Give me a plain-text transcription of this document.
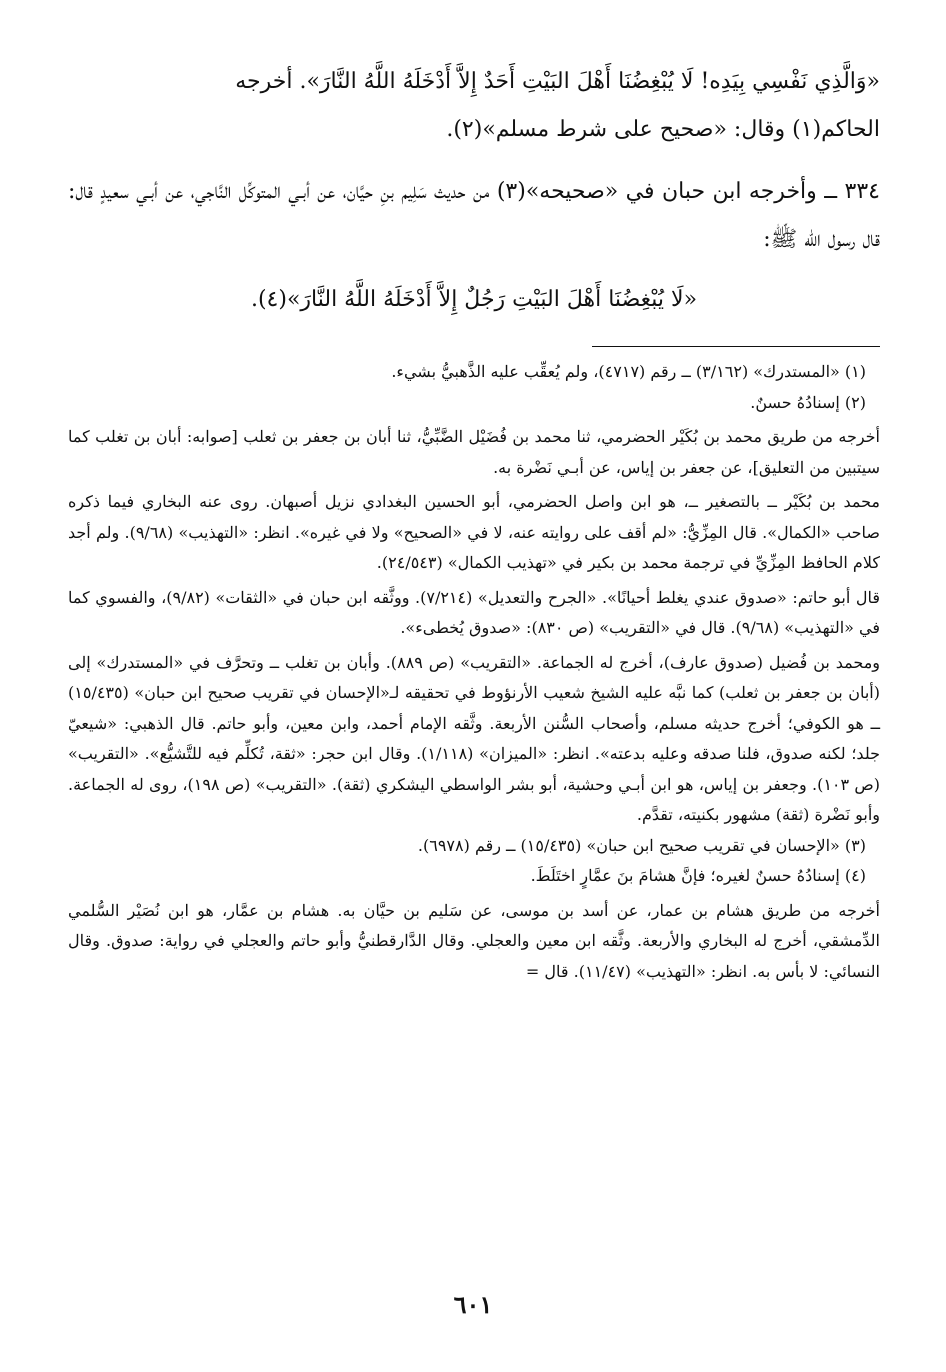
«وَالَّذِي نَفْسِي بِيَدِه! لَا يُبْغِضُنَا أَهْلَ البَيْتِ أَحَدٌ إِلاَّ أَدْخَلَهُ اللَّهُ النَّارَ». أخرجه

الحاكم(١) وقال: «صحيح على شرط مسلم»(٢).

٣٣٤ ــ وأخرجه ابن حبان في «صحيحه»(٣) من حديث سَلِيم بنِ حيَّان، عن أبـي المتوكِّل النَّاجي، عن أبـي سعيدٍ قال: قال رسول الله ﷺ:

«لَا يُبْغِضُنَا أَهْلَ البَيْتِ رَجُلٌ إِلاَّ أَدْخَلَهُ اللَّهُ النَّارَ»(٤).

(١) «المستدرك» (٣/١٦٢) ــ رقم (٤٧١٧)، ولم يُعقِّب عليه الذَّهبيُّ بشيء.

(٢) إسنادُهُ حسنٌ.

أخرجه من طريق محمد بن بُكَيْر الحضرمي، ثنا محمد بن فُضَيْل الضَّبِّيُّ، ثنا أبان بن جعفر بن ثعلب [صوابه: أبان بن تغلب كما سيتبين من التعليق]، عن جعفر بن إياس، عن أبـي نَضْرة به.

محمد بن بُكَيْر ــ بالتصغير ــ، هو ابن واصل الحضرمي، أبو الحسين البغدادي نزيل أصبهان. روى عنه البخاري فيما ذكره صاحب «الكمال». قال المِزِّيُّ: «لم أقف على روايته عنه، لا في «الصحيح» ولا في غيره». انظر: «التهذيب» (٩/٦٨). ولم أجد كلام الحافظ المِزِّيِّ في ترجمة محمد بن بكير في «تهذيب الكمال» (٢٤/٥٤٣).

قال أبو حاتم: «صدوق عندي يغلط أحيانًا». «الجرح والتعديل» (٧/٢١٤). ووثَّقه ابن حبان في «الثقات» (٩/٨٢)، والفسوي كما في «التهذيب» (٩/٦٨). قال في «التقريب» (ص ٨٣٠): «صدوق يُخطىء».

ومحمد بن فُضيل (صدوق عارف)، أخرج له الجماعة. «التقريب» (ص ٨٨٩). وأبان بن تغلب ــ وتحرَّف في «المستدرك» إلى (أبان بن جعفر بن ثعلب) كما نبَّه عليه الشيخ شعيب الأرنؤوط في تحقيقه لـ«الإحسان في تقريب صحيح ابن حبان» (١٥/٤٣٥) ــ هو الكوفي؛ أخرج حديثه مسلم، وأصحاب السُّنن الأربعة. وثَّقه الإمام أحمد، وابن معين، وأبو حاتم. قال الذهبي: «شيعيّ جلد؛ لكنه صدوق، فلنا صدقه وعليه بدعته». انظر: «الميزان» (١/١١٨). وقال ابن حجر: «ثقة، تُكلِّم فيه للتَّشيُّع». «التقريب» (ص ١٠٣). وجعفر بن إياس، هو ابن أبـي وحشية، أبو بشر الواسطي اليشكري (ثقة). «التقريب» (ص ١٩٨)، روى له الجماعة. وأبو نَضْرة (ثقة) مشهور بكنيته، تقدَّم.

(٣) «الإحسان في تقريب صحيح ابن حبان» (١٥/٤٣٥) ــ رقم (٦٩٧٨).

(٤) إسنادُهُ حسنٌ لغيره؛ فإنَّ هشامَ بنَ عمَّارٍ اختَلَطَ.

أخرجه من طريق هشام بن عمار، عن أسد بن موسى، عن سَليم بن حيَّان به. هشام بن عمَّار، هو ابن نُصَيْر السُّلمي الدِّمشقي، أخرج له البخاري والأربعة. وثَّقه ابن معين والعجلي. وقال الدَّارقطنيُّ وأبو حاتم والعجلي في رواية: صدوق. وقال النسائي: لا بأس به. انظر: «التهذيب» (١١/٤٧). قال =

٦٠١
